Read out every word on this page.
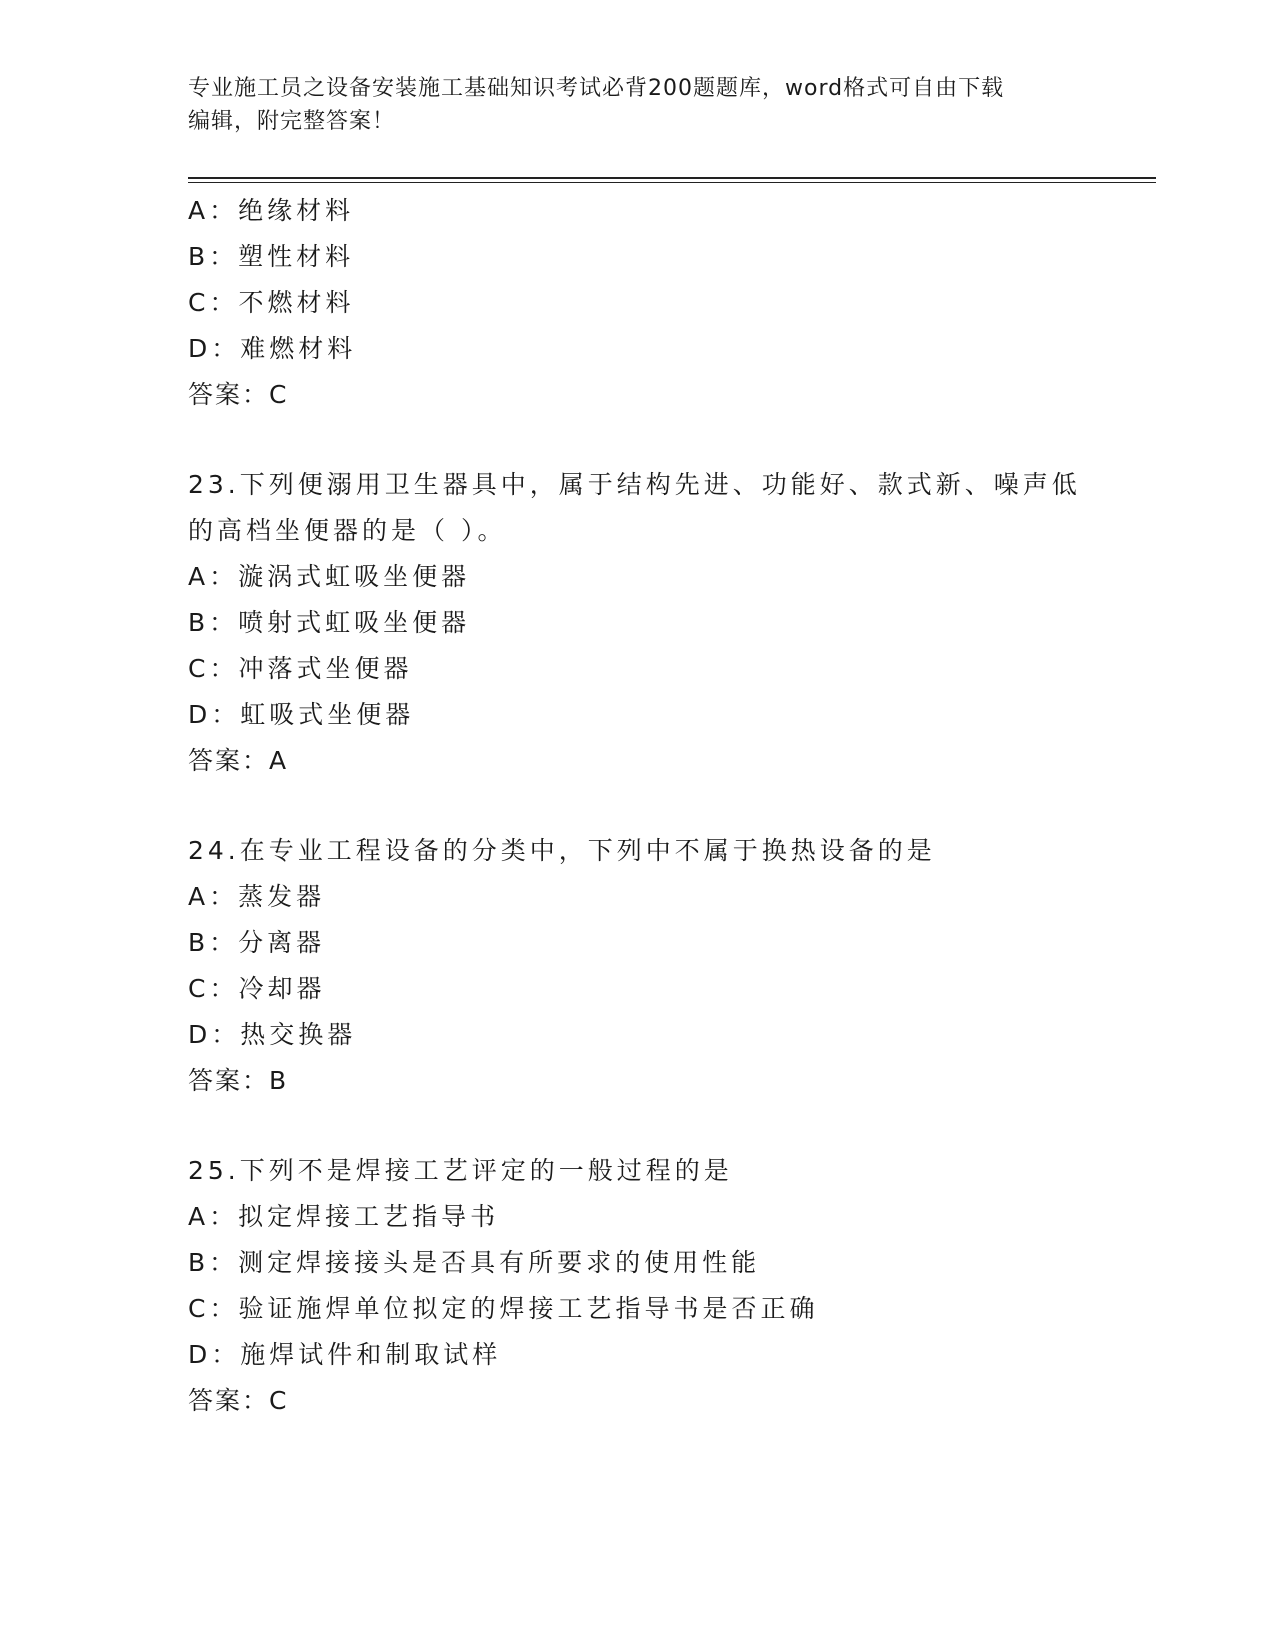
专业施工员之设备安装施工基础知识考试必背200题题库，word格式可自由下载
编辑，附完整答案！
A：绝缘材料
B：塑性材料
C：不燃材料
D：难燃材料
答案：C
23.下列便溺用卫生器具中，属于结构先进、功能好、款式新、噪声低
的高档坐便器的是（ ）。
A：漩涡式虹吸坐便器
B：喷射式虹吸坐便器
C：冲落式坐便器
D：虹吸式坐便器
答案：A
24.在专业工程设备的分类中，下列中不属于换热设备的是
A：蒸发器
B：分离器
C：冷却器
D：热交换器
答案：B
25.下列不是焊接工艺评定的一般过程的是
A：拟定焊接工艺指导书
B：测定焊接接头是否具有所要求的使用性能
C：验证施焊单位拟定的焊接工艺指导书是否正确
D：施焊试件和制取试样
答案：C
